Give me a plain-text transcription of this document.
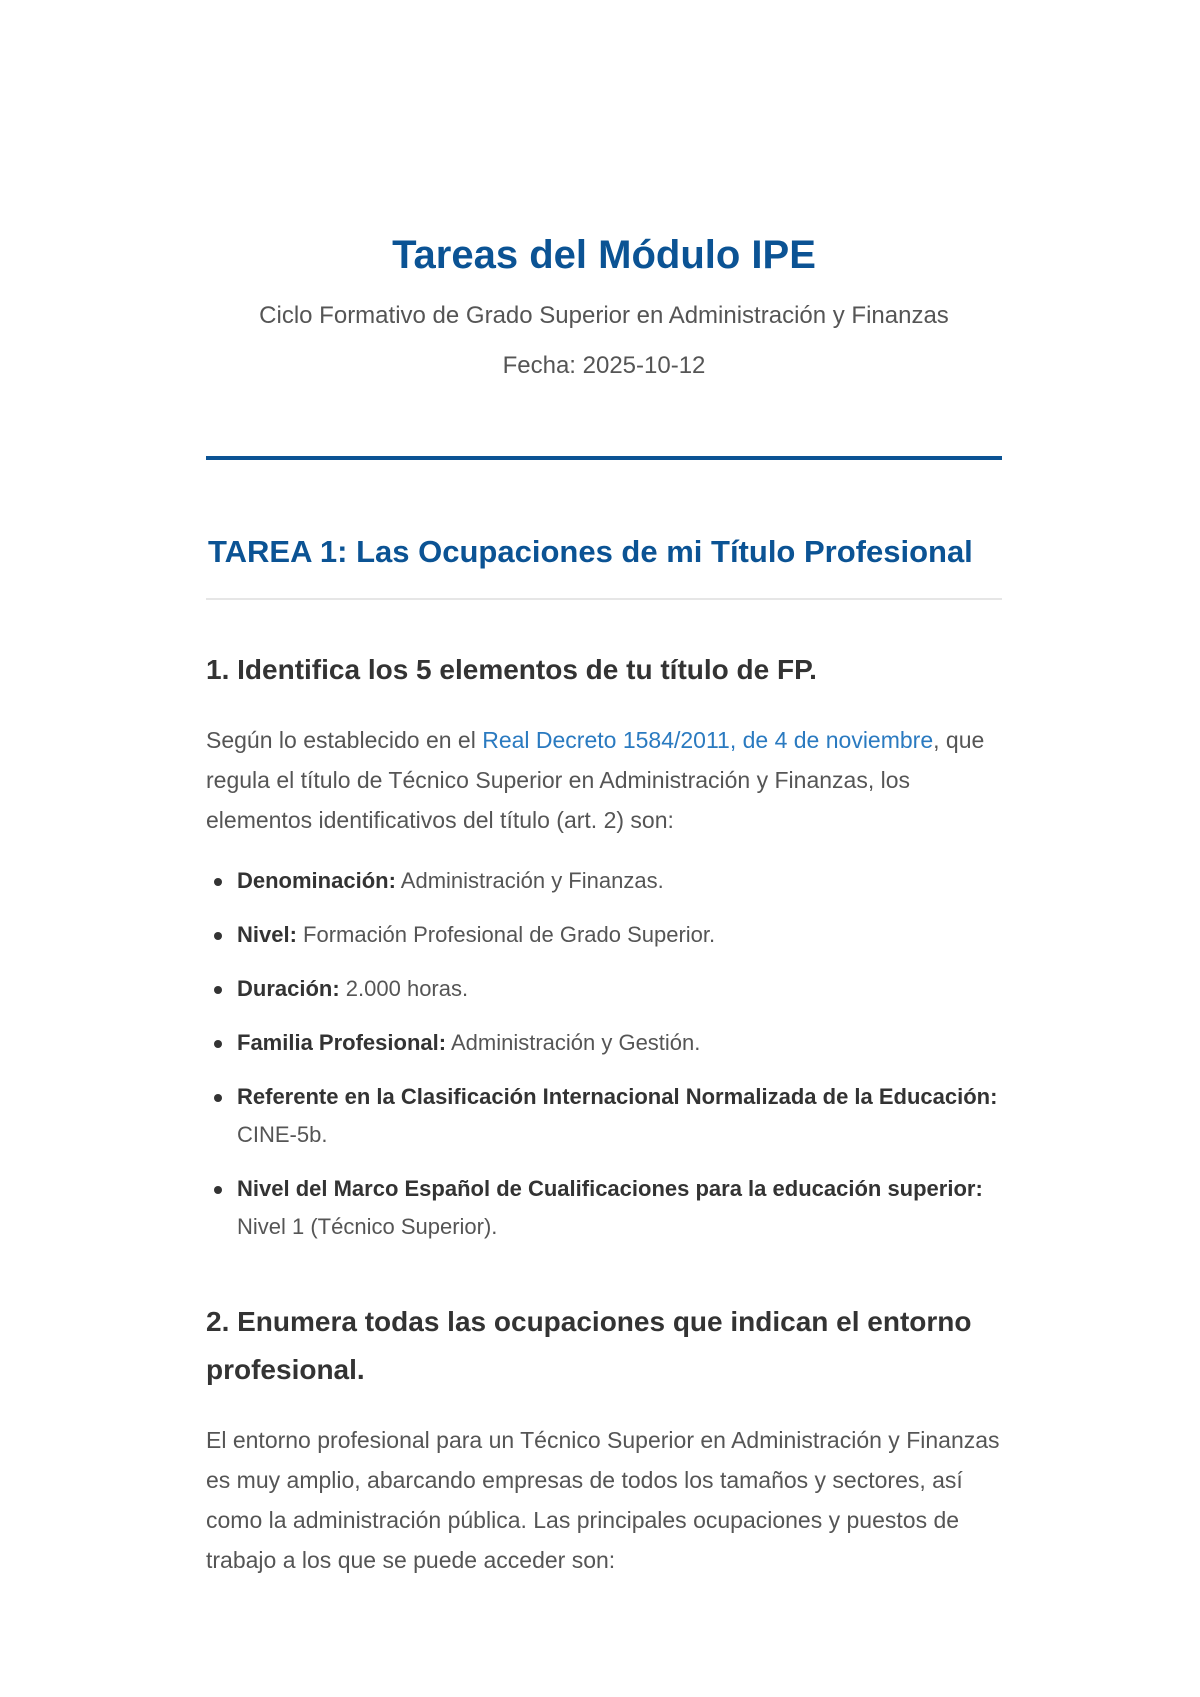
Tareas del Módulo IPE

Ciclo Formativo de Grado Superior en Administración y Finanzas

Fecha: 2025-10-12

TAREA 1: Las Ocupaciones de mi Título Profesional
1. Identifica los 5 elementos de tu título de FP.

Según lo establecido en el Real Decreto 1584/2011, de 4 de noviembre, que regula el título de Técnico Superior en Administración y Finanzas, los elementos identificativos del título (art. 2) son:

Denominación: Administración y Finanzas.
Nivel: Formación Profesional de Grado Superior.
Duración: 2.000 horas.
Familia Profesional: Administración y Gestión.
Referente en la Clasificación Internacional Normalizada de la Educación: CINE-5b.
Nivel del Marco Español de Cualificaciones para la educación superior: Nivel 1 (Técnico Superior).
2. Enumera todas las ocupaciones que indican el entorno profesional.

El entorno profesional para un Técnico Superior en Administración y Finanzas es muy amplio, abarcando empresas de todos los tamaños y sectores, así como la administración pública. Las principales ocupaciones y puestos de trabajo a los que se puede acceder son:
